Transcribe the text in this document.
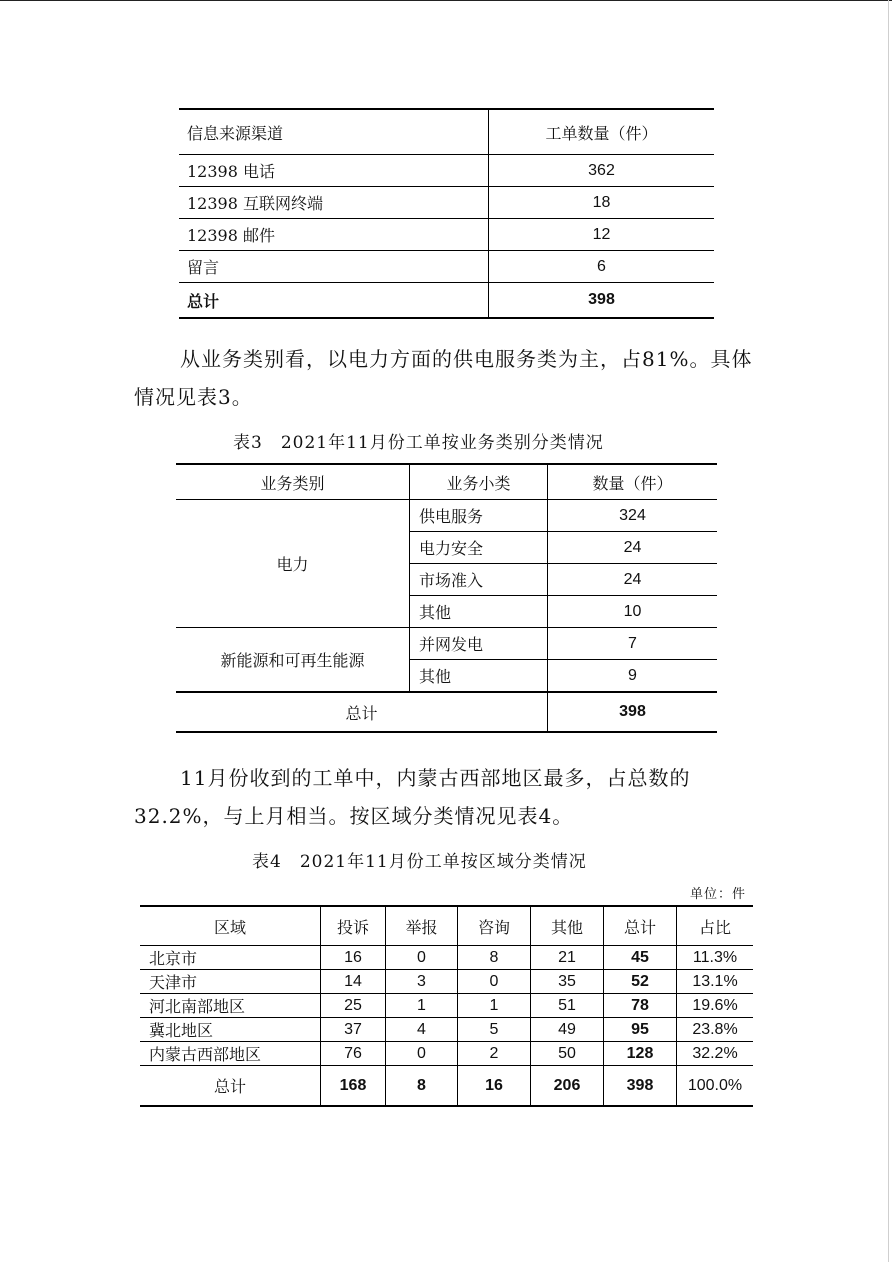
信息来源渠道	工单数量（件）
12398 电话	362
12398 互联网终端	18
12398 邮件	12
留言	6
总计	398
从业务类别看，以电力方面的供电服务类为主，占81%。具体情况见表3。
表3　2021年11月份工单按业务类别分类情况
业务类别	业务小类	数量（件）
电力	供电服务	324
	电力安全	24
	市场准入	24
	其他	10
新能源和可再生能源	并网发电	7
	其他	9
总计		398
11月份收到的工单中，内蒙古西部地区最多，占总数的32.2%，与上月相当。按区域分类情况见表4。
表4　2021年11月份工单按区域分类情况
单位：件
区域	投诉	举报	咨询	其他	总计	占比
北京市	16	0	8	21	45	11.3%
天津市	14	3	0	35	52	13.1%
河北南部地区	25	1	1	51	78	19.6%
冀北地区	37	4	5	49	95	23.8%
内蒙古西部地区	76	0	2	50	128	32.2%
总计	168	8	16	206	398	100.0%
